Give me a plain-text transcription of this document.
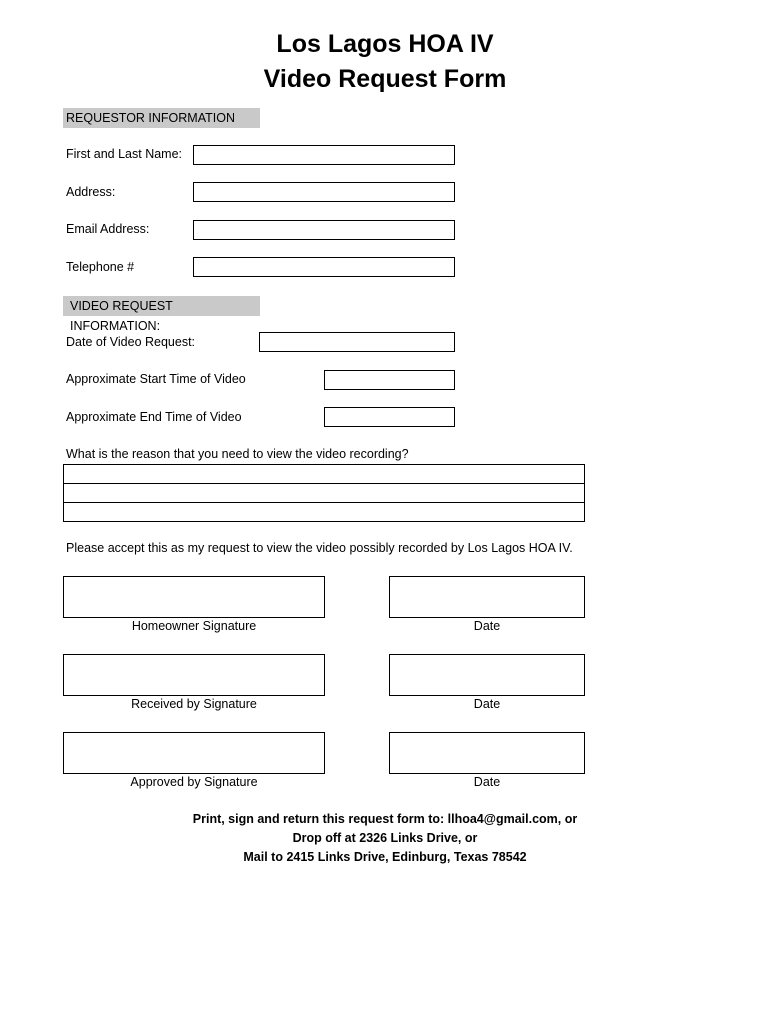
Los Lagos HOA IV
Video Request Form
REQUESTOR INFORMATION
First and Last Name:
Address:
Email Address:
Telephone #
VIDEO REQUEST INFORMATION:
Date of Video Request:
Approximate Start Time of Video
Approximate End Time of Video
What is the reason that you need to view the video recording?
Please accept this as my request to view the video possibly recorded by Los Lagos HOA IV.
Homeowner Signature	Date
Received by Signature	Date
Approved by Signature	Date
Print, sign and return this request form to: llhoa4@gmail.com, or
Drop off at 2326 Links Drive, or
Mail to 2415 Links Drive, Edinburg, Texas 78542
